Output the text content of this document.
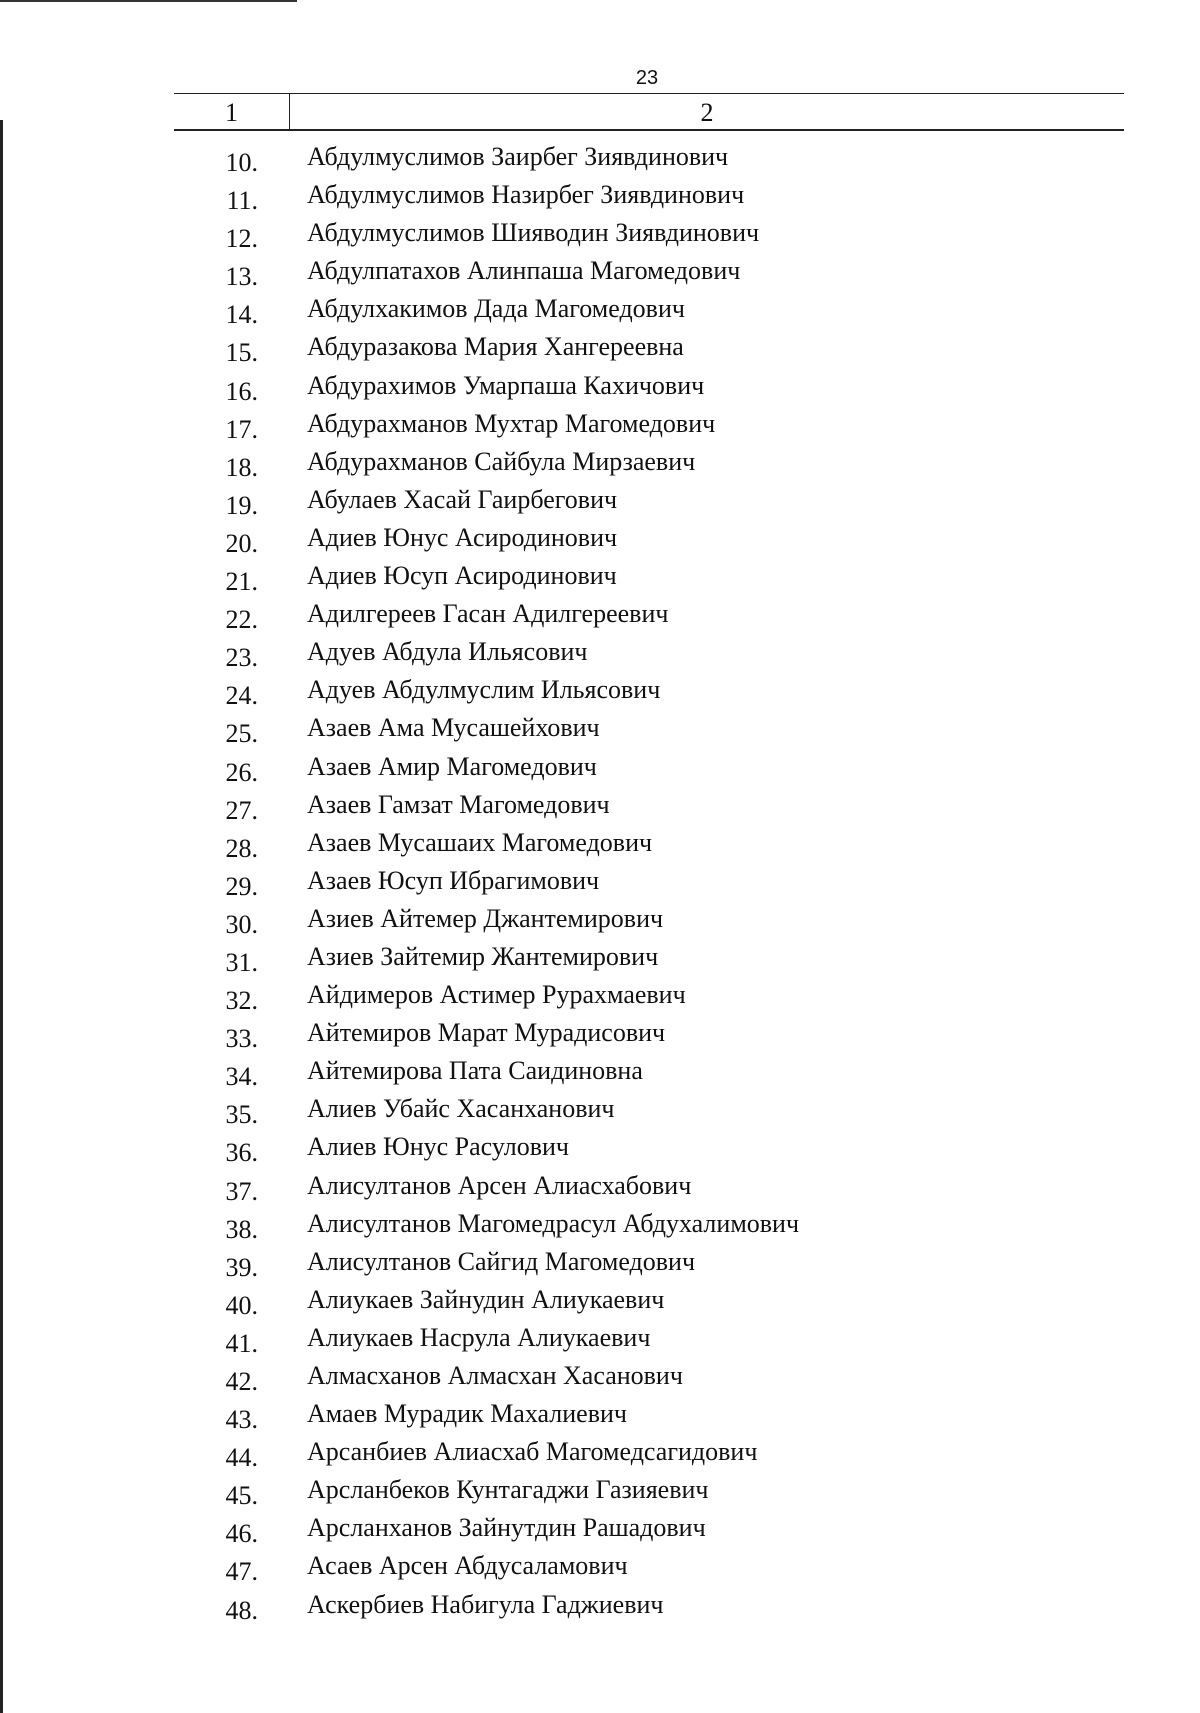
23
1	2
10. Абдулмуслимов Заирбег Зиявдинович
11. Абдулмуслимов Назирбег Зиявдинович
12. Абдулмуслимов Шияводин Зиявдинович
13. Абдулпатахов Алинпаша Магомедович
14. Абдулхакимов Дада Магомедович
15. Абдуразакова Мария Хангереевна
16. Абдурахимов Умарпаша Кахичович
17. Абдурахманов Мухтар Магомедович
18. Абдурахманов Сайбула Мирзаевич
19. Абулаев Хасай Гаирбегович
20. Адиев Юнус Асиродинович
21. Адиев Юсуп Асиродинович
22. Адилгереев Гасан Адилгереевич
23. Адуев Абдула Ильясович
24. Адуев Абдулмуслим Ильясович
25. Азаев Ама Мусашейхович
26. Азаев Амир Магомедович
27. Азаев Гамзат Магомедович
28. Азаев Мусашаих Магомедович
29. Азаев Юсуп Ибрагимович
30. Азиев Айтемер Джантемирович
31. Азиев Зайтемир Жантемирович
32. Айдимеров Астимер Рурахмаевич
33. Айтемиров Марат Мурадисович
34. Айтемирова Пата Саидиновна
35. Алиев Убайс Хасанханович
36. Алиев Юнус Расулович
37. Алисултанов Арсен Алиасхабович
38. Алисултанов Магомедрасул Абдухалимович
39. Алисултанов Сайгид Магомедович
40. Алиукаев Зайнудин Алиукаевич
41. Алиукаев Насрула Алиукаевич
42. Алмасханов Алмасхан Хасанович
43. Амаев Мурадик Махалиевич
44. Арсанбиев Алиасхаб Магомедсагидович
45. Арсланбеков Кунтагаджи Газияевич
46. Арсланханов Зайнутдин Рашадович
47. Асаев Арсен Абдусаламович
48. Аскербиев Набигула Гаджиевич
